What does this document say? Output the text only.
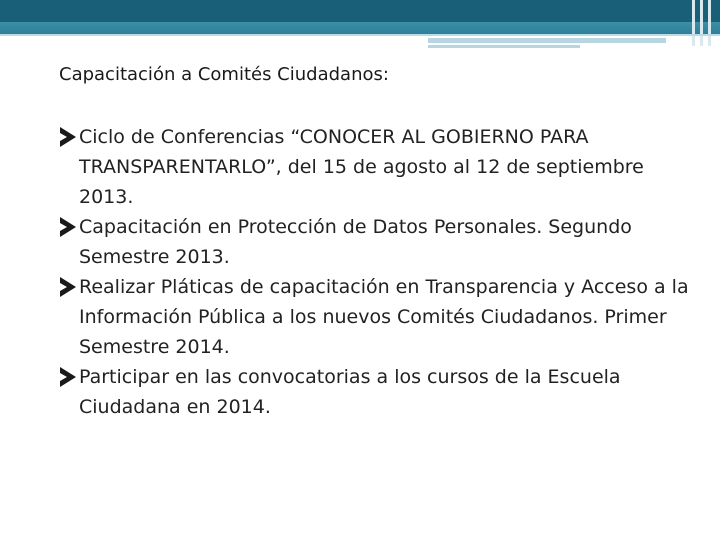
Capacitación a Comités Ciudadanos:
Ciclo de Conferencias “CONOCER AL GOBIERNO PARA TRANSPARENTARLO”, del 15 de agosto al 12 de septiembre 2013.
Capacitación en Protección de Datos Personales. Segundo Semestre 2013.
Realizar Pláticas de capacitación en Transparencia y Acceso a la Información Pública a los nuevos Comités Ciudadanos. Primer Semestre 2014.
Participar en las convocatorias a los cursos de la Escuela Ciudadana en 2014.
